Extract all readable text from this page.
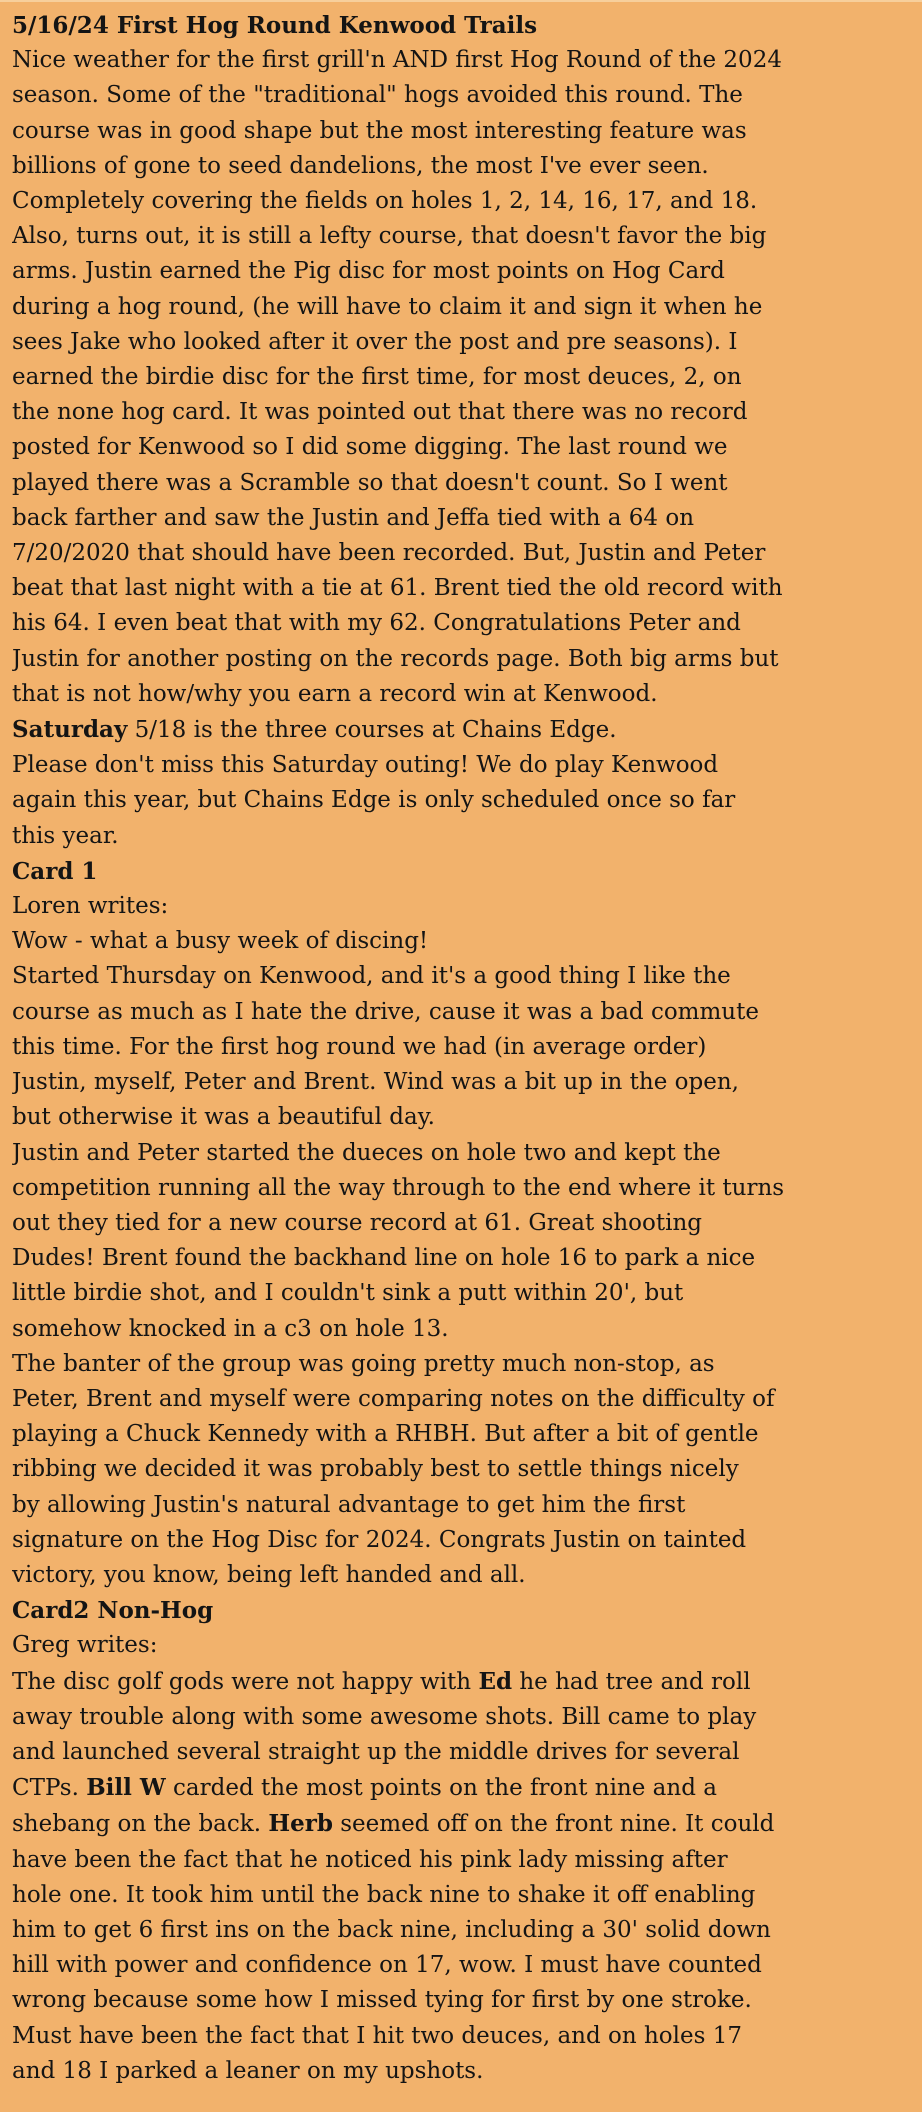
5/16/24 First Hog Round Kenwood Trails
Nice weather for the first grill'n AND first Hog Round of the 2024
season. Some of the "traditional" hogs avoided this round. The
course was in good shape but the most interesting feature was
billions of gone to seed dandelions, the most I've ever seen.
Completely covering the fields on holes 1, 2, 14, 16, 17, and 18.
Also, turns out, it is still a lefty course, that doesn't favor the big
arms. Justin earned the Pig disc for most points on Hog Card
during a hog round, (he will have to claim it and sign it when he
sees Jake who looked after it over the post and pre seasons). I
earned the birdie disc for the first time, for most deuces, 2, on
the none hog card. It was pointed out that there was no record
posted for Kenwood so I did some digging. The last round we
played there was a Scramble so that doesn't count. So I went
back farther and saw the Justin and Jeffa tied with a 64 on
7/20/2020 that should have been recorded. But, Justin and Peter
beat that last night with a tie at 61. Brent tied the old record with
his 64. I even beat that with my 62. Congratulations Peter and
Justin for another posting on the records page. Both big arms but
that is not how/why you earn a record win at Kenwood.
Saturday 5/18 is the three courses at Chains Edge.
Please don't miss this Saturday outing! We do play Kenwood
again this year, but Chains Edge is only scheduled once so far
this year.
Card 1
Loren writes:
Wow - what a busy week of discing!
Started Thursday on Kenwood, and it's a good thing I like the
course as much as I hate the drive, cause it was a bad commute
this time. For the first hog round we had (in average order)
Justin, myself, Peter and Brent. Wind was a bit up in the open,
but otherwise it was a beautiful day.
Justin and Peter started the dueces on hole two and kept the
competition running all the way through to the end where it turns
out they tied for a new course record at 61. Great shooting
Dudes! Brent found the backhand line on hole 16 to park a nice
little birdie shot, and I couldn't sink a putt within 20', but
somehow knocked in a c3 on hole 13.
The banter of the group was going pretty much non-stop, as
Peter, Brent and myself were comparing notes on the difficulty of
playing a Chuck Kennedy with a RHBH. But after a bit of gentle
ribbing we decided it was probably best to settle things nicely
by allowing Justin's natural advantage to get him the first
signature on the Hog Disc for 2024. Congrats Justin on tainted
victory, you know, being left handed and all.
Card2 Non-Hog
Greg writes:
The disc golf gods were not happy with Ed he had tree and roll
away trouble along with some awesome shots. Bill came to play
and launched several straight up the middle drives for several
CTPs. Bill W carded the most points on the front nine and a
shebang on the back. Herb seemed off on the front nine. It could
have been the fact that he noticed his pink lady missing after
hole one. It took him until the back nine to shake it off enabling
him to get 6 first ins on the back nine, including a 30' solid down
hill with power and confidence on 17, wow. I must have counted
wrong because some how I missed tying for first by one stroke.
Must have been the fact that I hit two deuces, and on holes 17
and 18 I parked a leaner on my upshots.
